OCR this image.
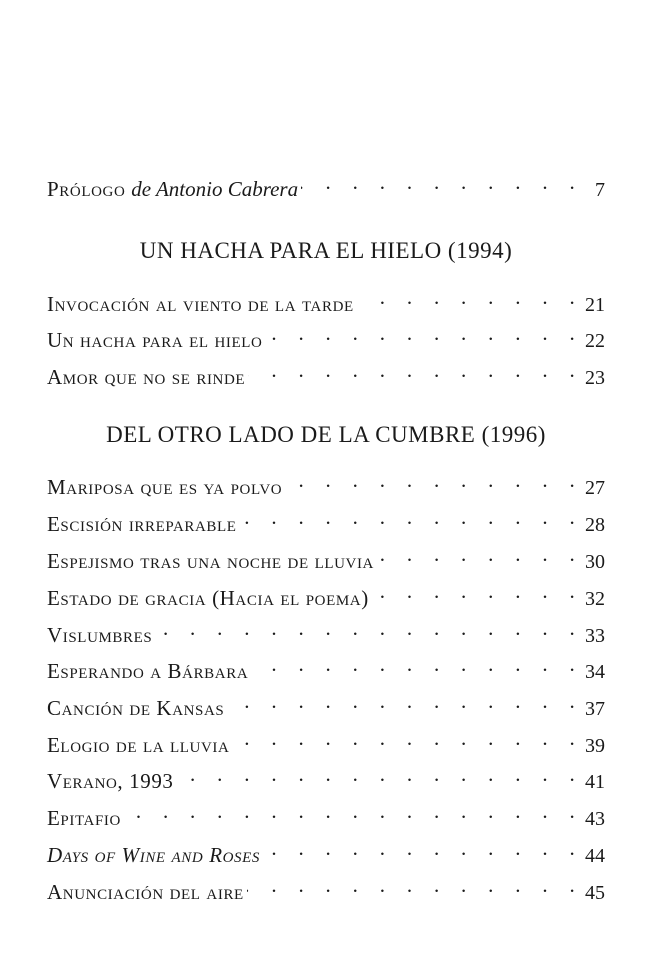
Prólogo de Antonio Cabrera . . .	7
UN HACHA PARA EL HIELO (1994)
Invocación al viento de la tarde . . .	21
Un hacha para el hielo . . .	22
Amor que no se rinde . . .	23
DEL OTRO LADO DE LA CUMBRE (1996)
Mariposa que es ya polvo . . .	27
Escisión irreparable . . .	28
Espejismo tras una noche de lluvia . . .	30
Estado de gracia (Hacia el poema) . . .	32
Vislumbres . . .	33
Esperando a Bárbara . . .	34
Canción de Kansas . . .	37
Elogio de la lluvia . . .	39
Verano, 1993 . . .	41
Epitafio . . .	43
Days of Wine and Roses . . .	44
Anunciación del aire . . .	45
